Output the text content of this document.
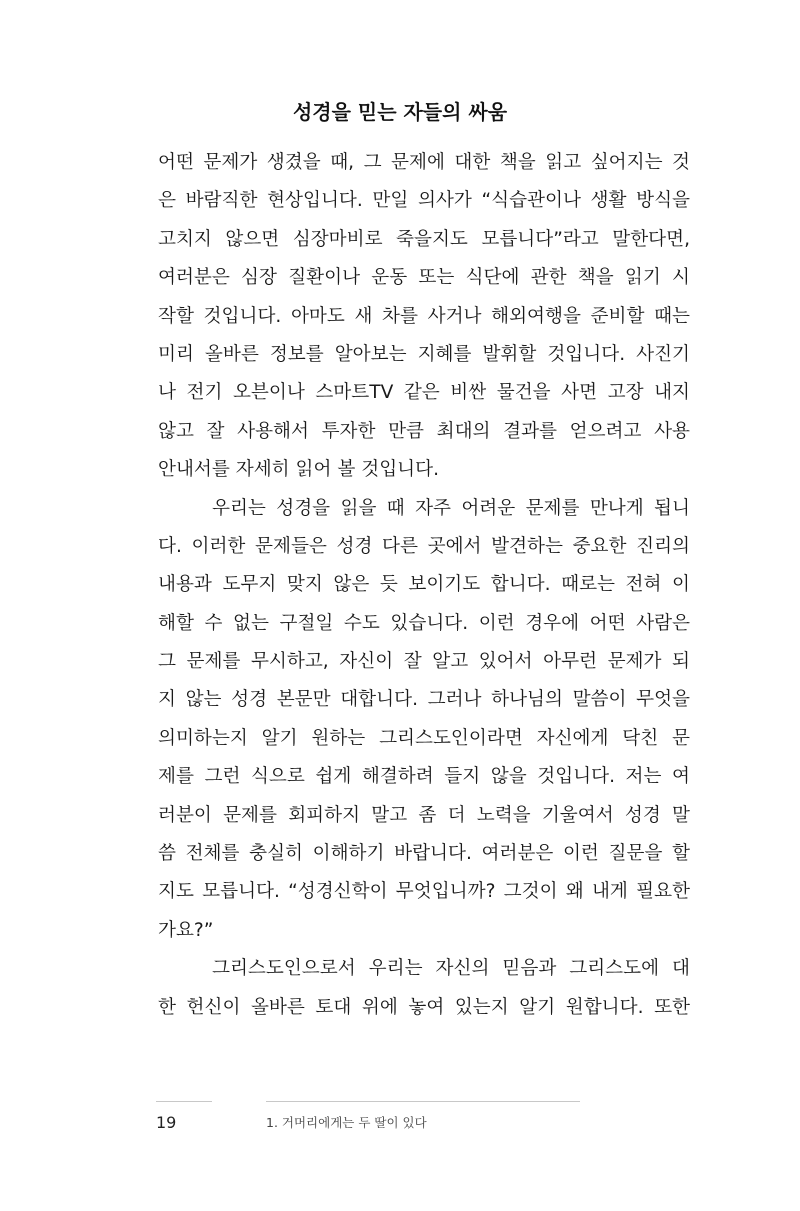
성경을 믿는 자들의 싸움
어떤 문제가 생겼을 때, 그 문제에 대한 책을 읽고 싶어지는 것
은 바람직한 현상입니다. 만일 의사가 “식습관이나 생활 방식을
고치지 않으면 심장마비로 죽을지도 모릅니다”라고 말한다면,
여러분은 심장 질환이나 운동 또는 식단에 관한 책을 읽기 시
작할 것입니다. 아마도 새 차를 사거나 해외여행을 준비할 때는
미리 올바른 정보를 알아보는 지혜를 발휘할 것입니다. 사진기
나 전기 오븐이나 스마트TV 같은 비싼 물건을 사면 고장 내지
않고 잘 사용해서 투자한 만큼 최대의 결과를 얻으려고 사용
안내서를 자세히 읽어 볼 것입니다.
우리는 성경을 읽을 때 자주 어려운 문제를 만나게 됩니
다. 이러한 문제들은 성경 다른 곳에서 발견하는 중요한 진리의
내용과 도무지 맞지 않은 듯 보이기도 합니다. 때로는 전혀 이
해할 수 없는 구절일 수도 있습니다. 이런 경우에 어떤 사람은
그 문제를 무시하고, 자신이 잘 알고 있어서 아무런 문제가 되
지 않는 성경 본문만 대합니다. 그러나 하나님의 말씀이 무엇을
의미하는지 알기 원하는 그리스도인이라면 자신에게 닥친 문
제를 그런 식으로 쉽게 해결하려 들지 않을 것입니다. 저는 여
러분이 문제를 회피하지 말고 좀 더 노력을 기울여서 성경 말
씀 전체를 충실히 이해하기 바랍니다. 여러분은 이런 질문을 할
지도 모릅니다. “성경신학이 무엇입니까? 그것이 왜 내게 필요한
가요?”
그리스도인으로서 우리는 자신의 믿음과 그리스도에 대
한 헌신이 올바른 토대 위에 놓여 있는지 알기 원합니다. 또한
19	1. 거머리에게는 두 딸이 있다
